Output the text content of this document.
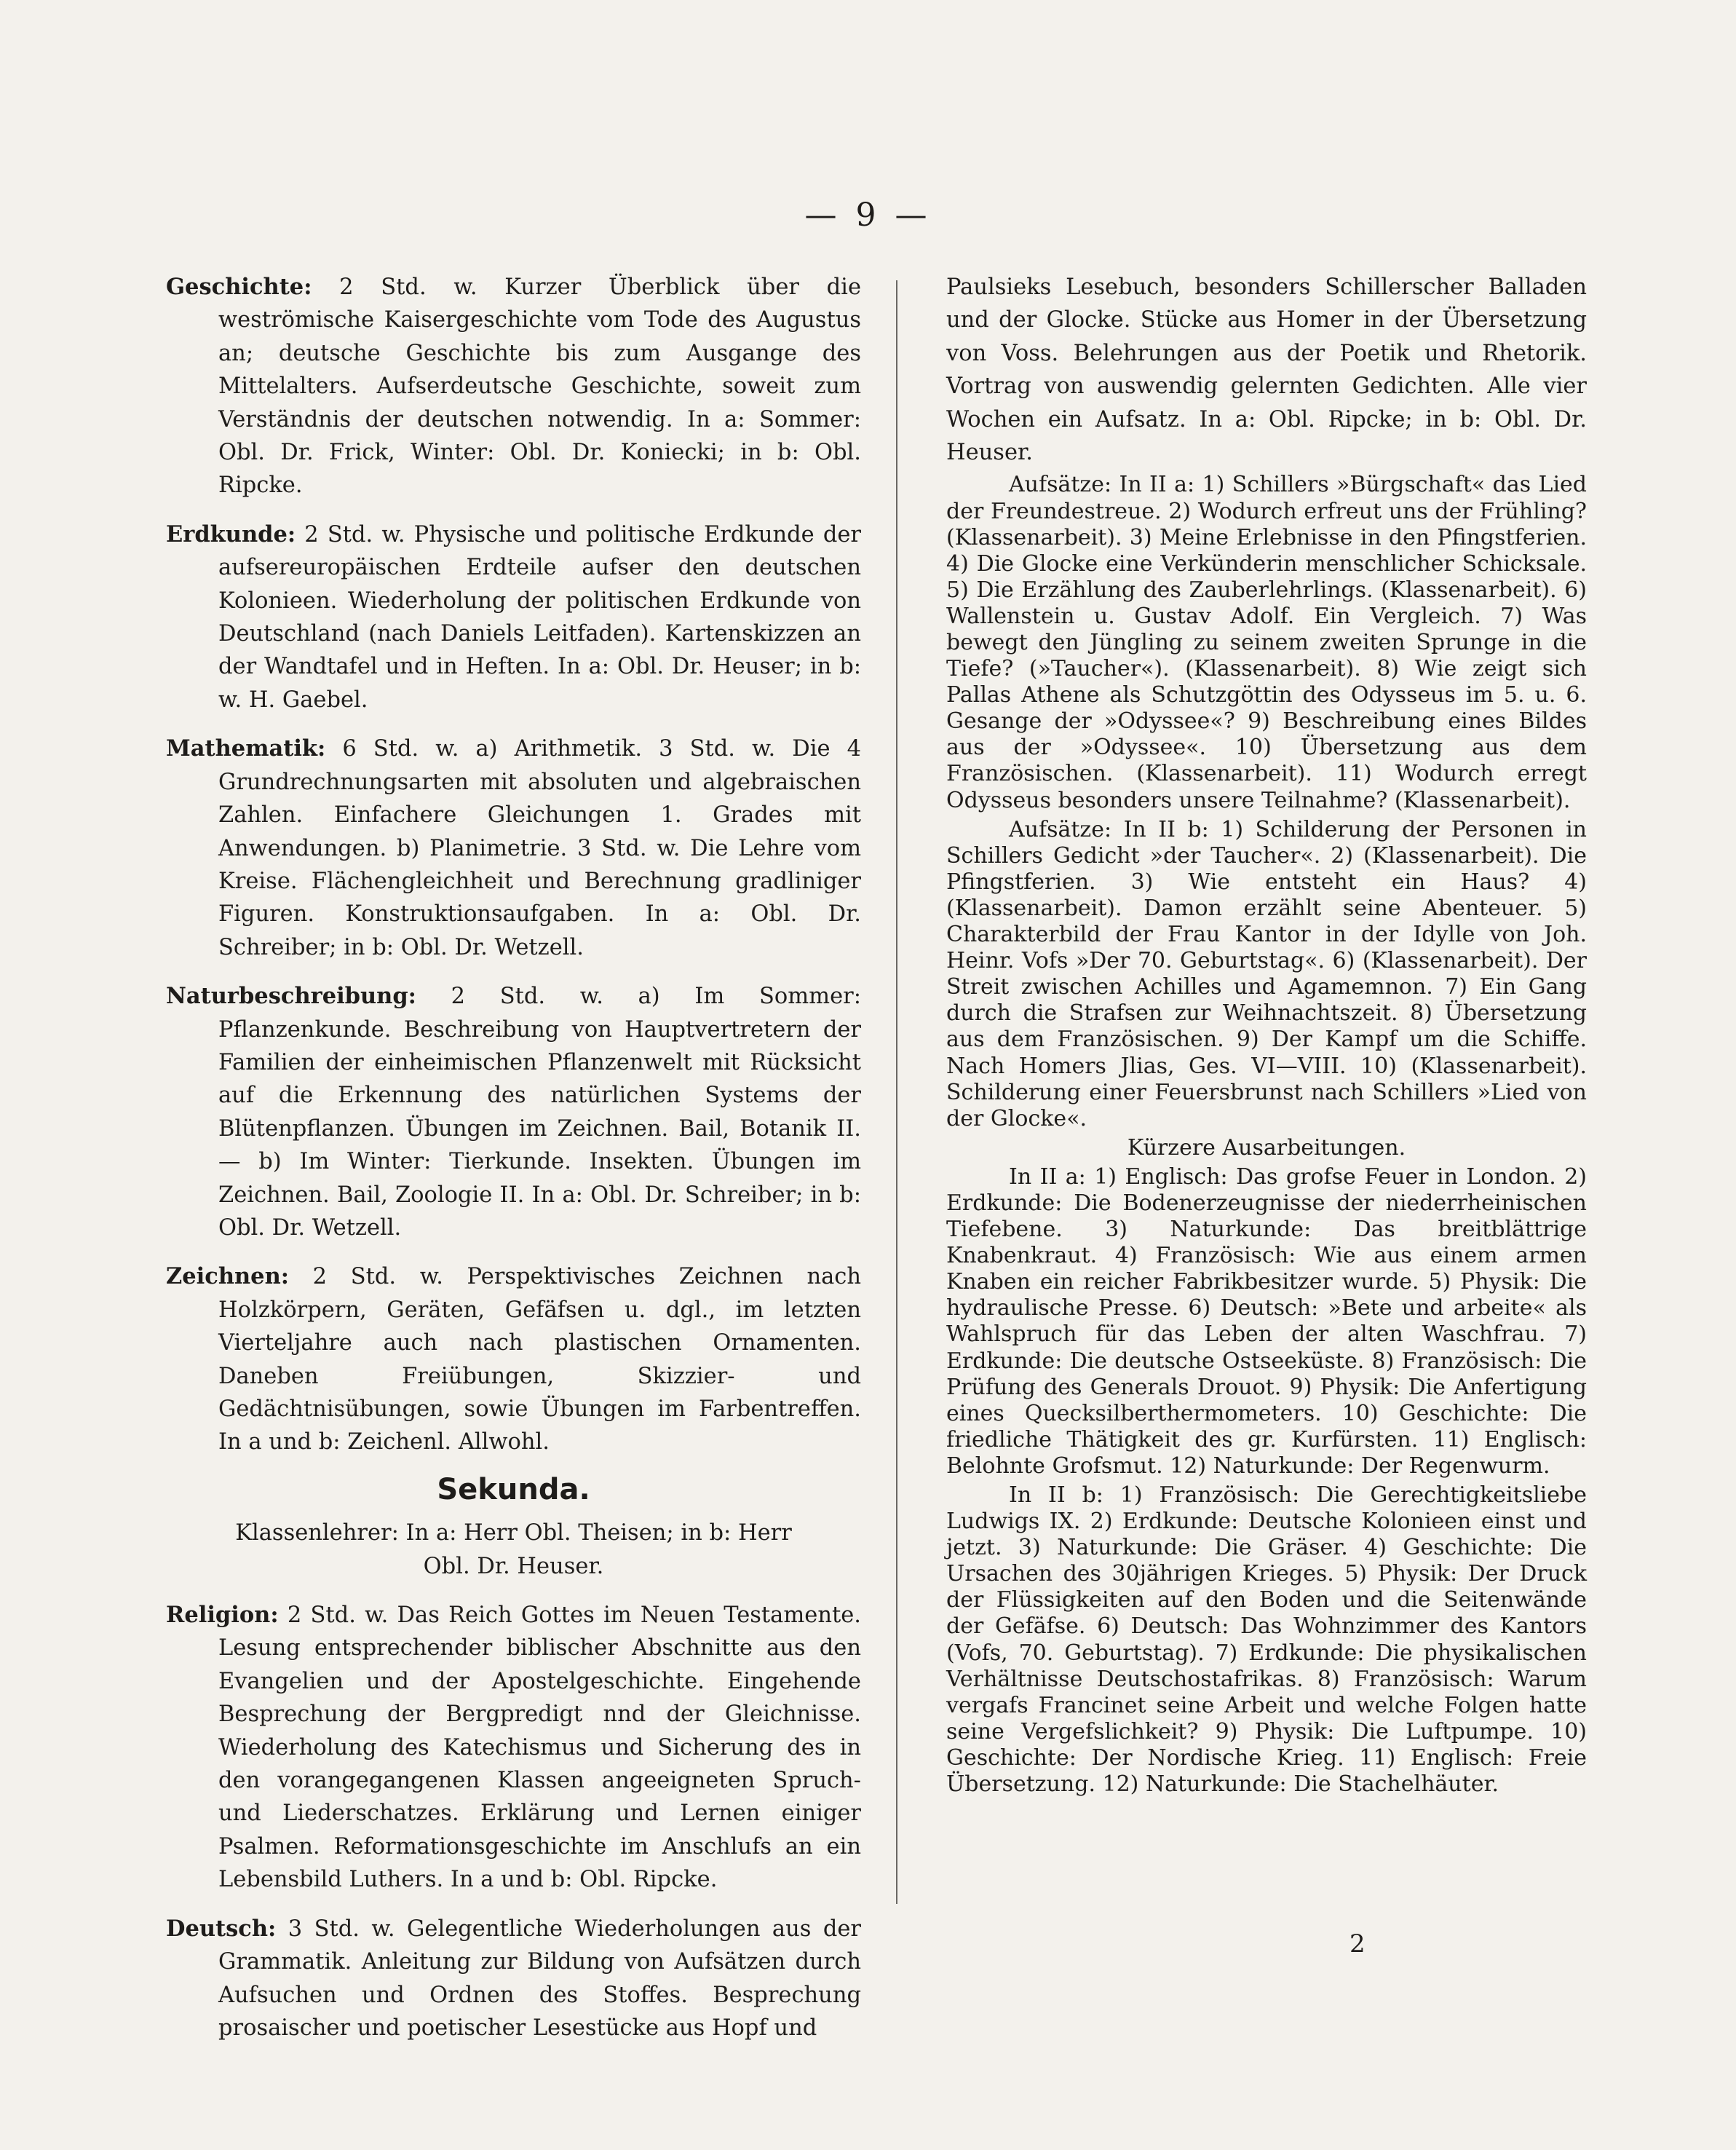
— 9 —

Geschichte: 2 Std. w. Kurzer Überblick über die weströmische Kaisergeschichte vom Tode des Augustus an; deutsche Geschichte bis zum Ausgange des Mittelalters. Aufserdeutsche Geschichte, soweit zum Verständnis der deutschen notwendig. In a: Sommer: Obl. Dr. Frick, Winter: Obl. Dr. Koniecki; in b: Obl. Ripcke.

Erdkunde: 2 Std. w. Physische und politische Erdkunde der aufsereuropäischen Erdteile aufser den deutschen Kolonieen. Wiederholung der politischen Erdkunde von Deutschland (nach Daniels Leitfaden). Kartenskizzen an der Wandtafel und in Heften. In a: Obl. Dr. Heuser; in b: w. H. Gaebel.

Mathematik: 6 Std. w. a) Arithmetik. 3 Std. w. Die 4 Grundrechnungsarten mit absoluten und algebraischen Zahlen. Einfachere Gleichungen 1. Grades mit Anwendungen. b) Planimetrie. 3 Std. w. Die Lehre vom Kreise. Flächengleichheit und Berechnung gradliniger Figuren. Konstruktionsaufgaben. In a: Obl. Dr. Schreiber; in b: Obl. Dr. Wetzell.

Naturbeschreibung: 2 Std. w. a) Im Sommer: Pflanzenkunde. Beschreibung von Hauptvertretern der Familien der einheimischen Pflanzenwelt mit Rücksicht auf die Erkennung des natürlichen Systems der Blütenpflanzen. Übungen im Zeichnen. Bail, Botanik II. — b) Im Winter: Tierkunde. Insekten. Übungen im Zeichnen. Bail, Zoologie II. In a: Obl. Dr. Schreiber; in b: Obl. Dr. Wetzell.

Zeichnen: 2 Std. w. Perspektivisches Zeichnen nach Holzkörpern, Geräten, Gefäfsen u. dgl., im letzten Vierteljahre auch nach plastischen Ornamenten. Daneben Freiübungen, Skizzier- und Gedächtnisübungen, sowie Übungen im Farbentreffen. In a und b: Zeichenl. Allwohl.

Sekunda.
Klassenlehrer: In a: Herr Obl. Theisen; in b: Herr
Obl. Dr. Heuser.

Religion: 2 Std. w. Das Reich Gottes im Neuen Testamente. Lesung entsprechender biblischer Abschnitte aus den Evangelien und der Apostelgeschichte. Eingehende Besprechung der Bergpredigt nnd der Gleichnisse. Wiederholung des Katechismus und Sicherung des in den vorangegangenen Klassen angeeigneten Spruch- und Liederschatzes. Erklärung und Lernen einiger Psalmen. Reformationsgeschichte im Anschlufs an ein Lebensbild Luthers. In a und b: Obl. Ripcke.

Deutsch: 3 Std. w. Gelegentliche Wiederholungen aus der Grammatik. Anleitung zur Bildung von Aufsätzen durch Aufsuchen und Ordnen des Stoffes. Besprechung prosaischer und poetischer Lesestücke aus Hopf und

Paulsieks Lesebuch, besonders Schillerscher Balladen und der Glocke. Stücke aus Homer in der Übersetzung von Voss. Belehrungen aus der Poetik und Rhetorik. Vortrag von auswendig gelernten Gedichten. Alle vier Wochen ein Aufsatz. In a: Obl. Ripcke; in b: Obl. Dr. Heuser.

Aufsätze: In II a: 1) Schillers »Bürgschaft« das Lied der Freundestreue. 2) Wodurch erfreut uns der Frühling? (Klassenarbeit). 3) Meine Erlebnisse in den Pfingstferien. 4) Die Glocke eine Verkünderin menschlicher Schicksale. 5) Die Erzählung des Zauberlehrlings. (Klassenarbeit). 6) Wallenstein u. Gustav Adolf. Ein Vergleich. 7) Was bewegt den Jüngling zu seinem zweiten Sprunge in die Tiefe? (»Taucher«). (Klassenarbeit). 8) Wie zeigt sich Pallas Athene als Schutzgöttin des Odysseus im 5. u. 6. Gesange der »Odyssee«? 9) Beschreibung eines Bildes aus der »Odyssee«. 10) Übersetzung aus dem Französischen. (Klassenarbeit). 11) Wodurch erregt Odysseus besonders unsere Teilnahme? (Klassenarbeit).

Aufsätze: In II b: 1) Schilderung der Personen in Schillers Gedicht »der Taucher«. 2) (Klassenarbeit). Die Pfingstferien. 3) Wie entsteht ein Haus? 4) (Klassenarbeit). Damon erzählt seine Abenteuer. 5) Charakterbild der Frau Kantor in der Idylle von Joh. Heinr. Vofs »Der 70. Geburtstag«. 6) (Klassenarbeit). Der Streit zwischen Achilles und Agamemnon. 7) Ein Gang durch die Strafsen zur Weihnachtszeit. 8) Übersetzung aus dem Französischen. 9) Der Kampf um die Schiffe. Nach Homers Jlias, Ges. VI—VIII. 10) (Klassenarbeit). Schilderung einer Feuersbrunst nach Schillers »Lied von der Glocke«.

Kürzere Ausarbeitungen.

In II a: 1) Englisch: Das grofse Feuer in London. 2) Erdkunde: Die Bodenerzeugnisse der niederrheinischen Tiefebene. 3) Naturkunde: Das breitblättrige Knabenkraut. 4) Französisch: Wie aus einem armen Knaben ein reicher Fabrikbesitzer wurde. 5) Physik: Die hydraulische Presse. 6) Deutsch: »Bete und arbeite« als Wahlspruch für das Leben der alten Waschfrau. 7) Erdkunde: Die deutsche Ostseeküste. 8) Französisch: Die Prüfung des Generals Drouot. 9) Physik: Die Anfertigung eines Quecksilberthermometers. 10) Geschichte: Die friedliche Thätigkeit des gr. Kurfürsten. 11) Englisch: Belohnte Grofsmut. 12) Naturkunde: Der Regenwurm.

In II b: 1) Französisch: Die Gerechtigkeitsliebe Ludwigs IX. 2) Erdkunde: Deutsche Kolonieen einst und jetzt. 3) Naturkunde: Die Gräser. 4) Geschichte: Die Ursachen des 30jährigen Krieges. 5) Physik: Der Druck der Flüssigkeiten auf den Boden und die Seitenwände der Gefäfse. 6) Deutsch: Das Wohnzimmer des Kantors (Vofs, 70. Geburtstag). 7) Erdkunde: Die physikalischen Verhältnisse Deutschostafrikas. 8) Französisch: Warum vergafs Francinet seine Arbeit und welche Folgen hatte seine Vergefslichkeit? 9) Physik: Die Luftpumpe. 10) Geschichte: Der Nordische Krieg. 11) Englisch: Freie Übersetzung. 12) Naturkunde: Die Stachelhäuter.

2
